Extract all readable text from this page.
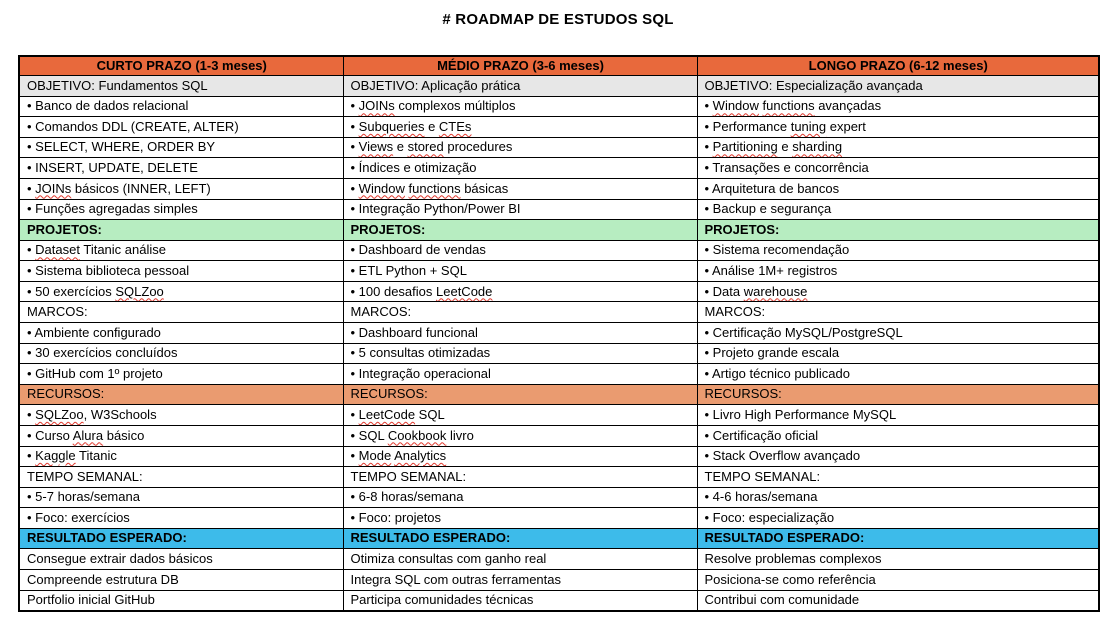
# ROADMAP DE ESTUDOS SQL
CURTO PRAZO (1-3 meses)	MÉDIO PRAZO (3-6 meses)	LONGO PRAZO (6-12 meses)
OBJETIVO: Fundamentos SQL	OBJETIVO: Aplicação prática	OBJETIVO: Especialização avançada
• Banco de dados relacional	• JOINs complexos múltiplos	• Window functions avançadas
• Comandos DDL (CREATE, ALTER)	• Subqueries e CTEs	• Performance tuning expert
• SELECT, WHERE, ORDER BY	• Views e stored procedures	• Partitioning e sharding
• INSERT, UPDATE, DELETE	• Índices e otimização	• Transações e concorrência
• JOINs básicos (INNER, LEFT)	• Window functions básicas	• Arquitetura de bancos
• Funções agregadas simples	• Integração Python/Power BI	• Backup e segurança
PROJETOS:	PROJETOS:	PROJETOS:
• Dataset Titanic análise	• Dashboard de vendas	• Sistema recomendação
• Sistema biblioteca pessoal	• ETL Python + SQL	• Análise 1M+ registros
• 50 exercícios SQLZoo	• 100 desafios LeetCode	• Data warehouse
MARCOS:	MARCOS:	MARCOS:
• Ambiente configurado	• Dashboard funcional	• Certificação MySQL/PostgreSQL
• 30 exercícios concluídos	• 5 consultas otimizadas	• Projeto grande escala
• GitHub com 1º projeto	• Integração operacional	• Artigo técnico publicado
RECURSOS:	RECURSOS:	RECURSOS:
• SQLZoo, W3Schools	• LeetCode SQL	• Livro High Performance MySQL
• Curso Alura básico	• SQL Cookbook livro	• Certificação oficial
• Kaggle Titanic	• Mode Analytics	• Stack Overflow avançado
TEMPO SEMANAL:	TEMPO SEMANAL:	TEMPO SEMANAL:
• 5-7 horas/semana	• 6-8 horas/semana	• 4-6 horas/semana
• Foco: exercícios	• Foco: projetos	• Foco: especialização
RESULTADO ESPERADO:	RESULTADO ESPERADO:	RESULTADO ESPERADO:
Consegue extrair dados básicos	Otimiza consultas com ganho real	Resolve problemas complexos
Compreende estrutura DB	Integra SQL com outras ferramentas	Posiciona-se como referência
Portfolio inicial GitHub	Participa comunidades técnicas	Contribui com comunidade
